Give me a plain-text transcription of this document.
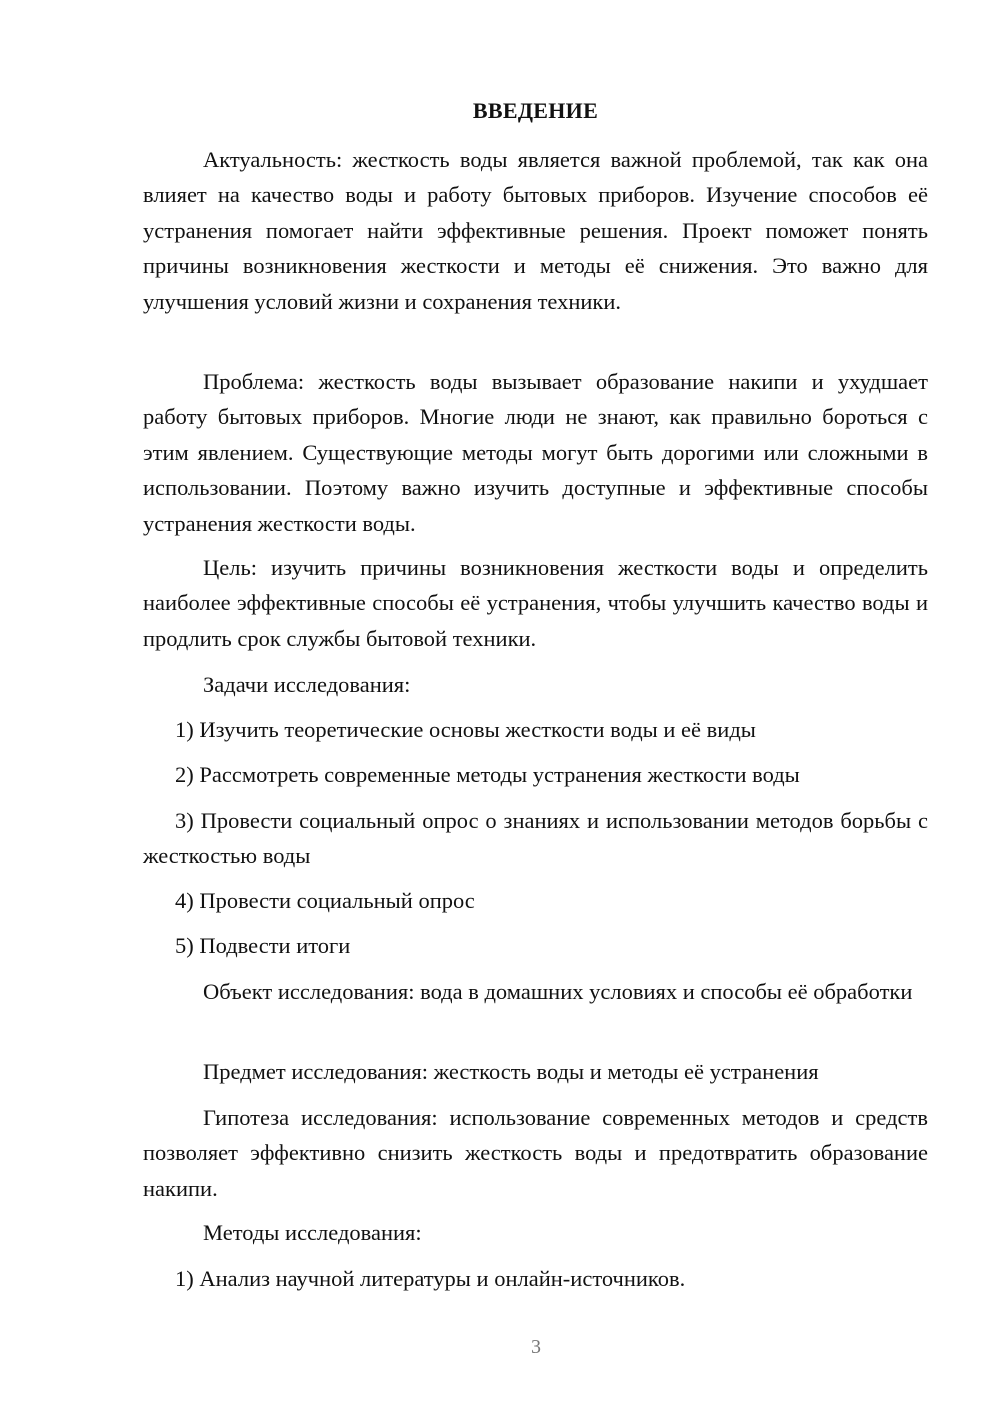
ВВЕДЕНИЕ

Актуальность: жесткость воды является важной проблемой, так как она влияет на качество воды и работу бытовых приборов. Изучение способов её устранения помогает найти эффективные решения. Проект поможет понять причины возникновения жесткости и методы её снижения. Это важно для улучшения условий жизни и сохранения техники.

Проблема: жесткость воды вызывает образование накипи и ухудшает работу бытовых приборов. Многие люди не знают, как правильно бороться с этим явлением. Существующие методы могут быть дорогими или сложными в использовании. Поэтому важно изучить доступные и эффективные способы устранения жесткости воды.

Цель: изучить причины возникновения жесткости воды и определить наиболее эффективные способы её устранения, чтобы улучшить качество воды и продлить срок службы бытовой техники.

Задачи исследования:

1) Изучить теоретические основы жесткости воды и её виды

2) Рассмотреть современные методы устранения жесткости воды

3) Провести социальный опрос о знаниях и использовании методов борьбы с жесткостью воды

4) Провести социальный опрос

5) Подвести итоги

Объект исследования: вода в домашних условиях и способы её обработки

Предмет исследования: жесткость воды и методы её устранения

Гипотеза исследования: использование современных методов и средств позволяет эффективно снизить жесткость воды и предотвратить образование накипи.

Методы исследования:

1) Анализ научной литературы и онлайн-источников.

3
